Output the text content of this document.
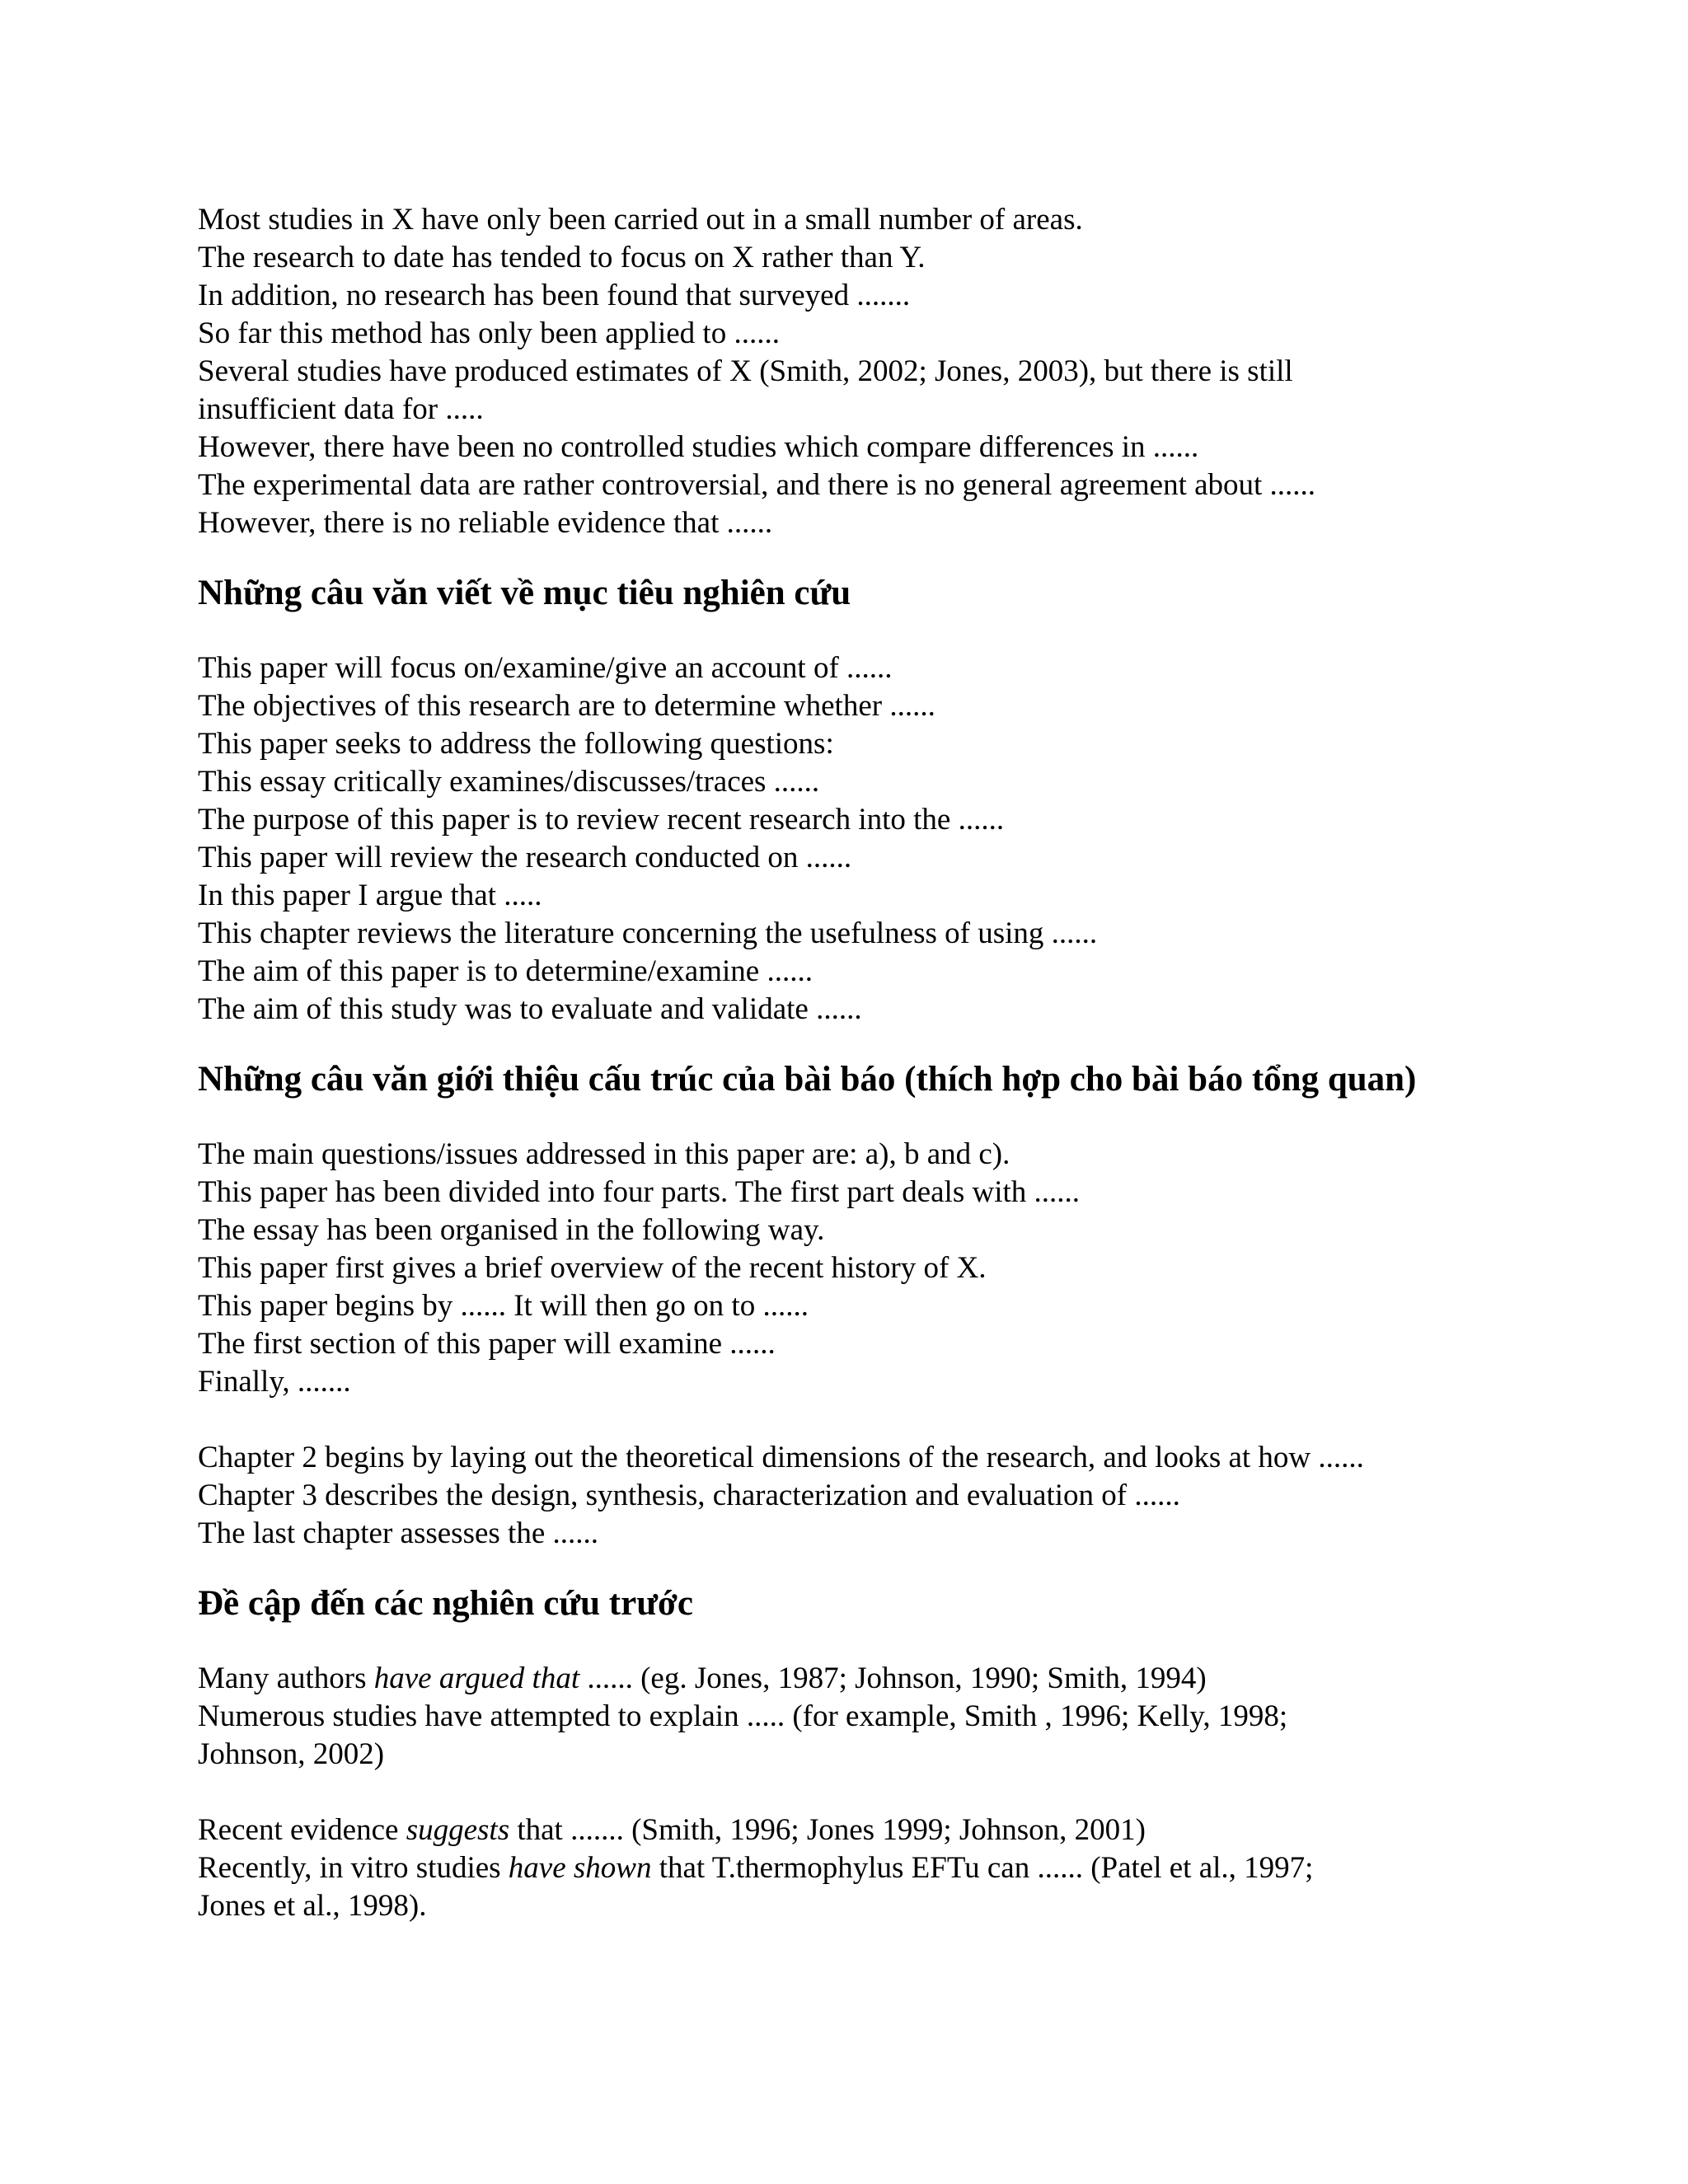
Most studies in X have only been carried out in a small number of areas.
The research to date has tended to focus on X rather than Y.
In addition, no research has been found that surveyed .......
So far this method has only been applied to ......
Several studies have produced estimates of X (Smith, 2002; Jones, 2003), but there is still
insufficient data for .....
However, there have been no controlled studies which compare differences in ......
The experimental data are rather controversial, and there is no general agreement about ......
However, there is no reliable evidence that ......
Những câu văn viết về mục tiêu nghiên cứu
This paper will focus on/examine/give an account of ......
The objectives of this research are to determine whether ......
This paper seeks to address the following questions:
This essay critically examines/discusses/traces ......
The purpose of this paper is to review recent research into the ......
This paper will review the research conducted on ......
In this paper I argue that .....
This chapter reviews the literature concerning the usefulness of using ......
The aim of this paper is to determine/examine ......
The aim of this study was to evaluate and validate ......
Những câu văn giới thiệu cấu trúc của bài báo (thích hợp cho bài báo tổng quan)
The main questions/issues addressed in this paper are: a), b and c).
This paper has been divided into four parts. The first part deals with ......
The essay has been organised in the following way.
This paper first gives a brief overview of the recent history of X.
This paper begins by ...... It will then go on to ......
The first section of this paper will examine ......
Finally, .......
Chapter 2 begins by laying out the theoretical dimensions of the research, and looks at how ......
Chapter 3 describes the design, synthesis, characterization and evaluation of ......
The last chapter assesses the ......
Đề cập đến các nghiên cứu trước
Many authors have argued that ...... (eg. Jones, 1987; Johnson, 1990; Smith, 1994)
Numerous studies have attempted to explain ..... (for example, Smith , 1996; Kelly, 1998;
Johnson, 2002)
Recent evidence suggests that ....... (Smith, 1996; Jones 1999; Johnson, 2001)
Recently, in vitro studies have shown that T.thermophylus EFTu can ...... (Patel et al., 1997;
Jones et al., 1998).
